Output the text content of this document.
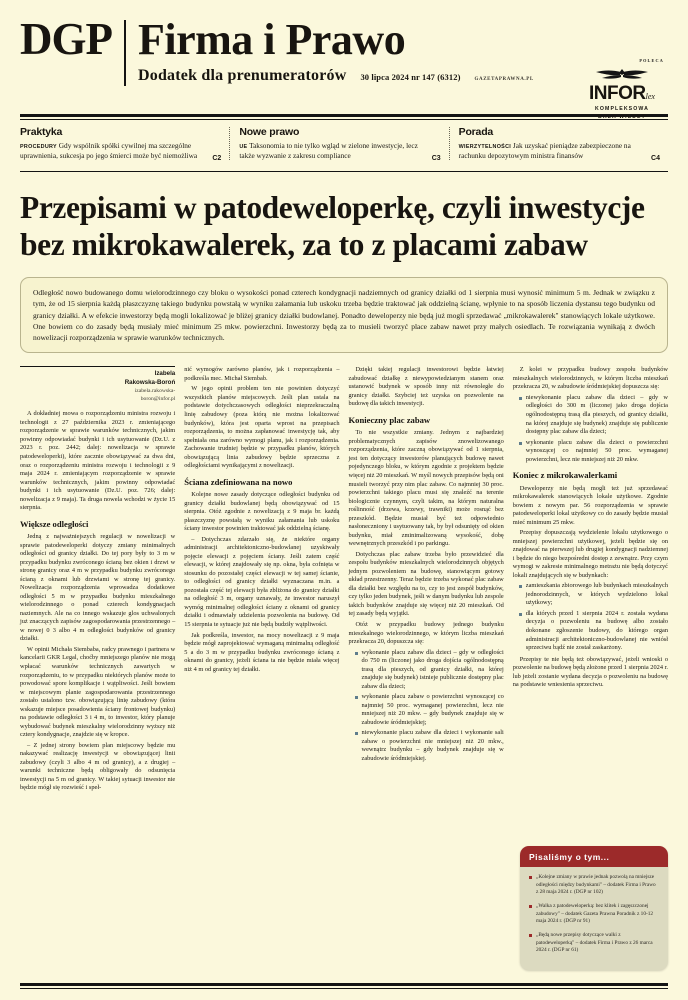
DGP Firma i Prawo
Dodatek dla prenumeratorów 30 lipca 2024 nr 147 (6312)	GAZETAPRAWNA.PL
POLECA
INFORlex
KOMPLEKSOWA
BAZA WIEDZY
Praktyka

PROCEDURY Gdy wspólnik spółki cywilnej ma szczególne uprawnienia, sukcesja po jego śmierci może być niemożliwa	C2
Nowe prawo

UE Taksonomia to nie tylko wgląd w zielone inwestycje, lecz także wyzwanie z zakresu compliance	C3
Porada

WIERZYTELNOŚCI Jak uzyskać pieniądze zabezpieczone na rachunku depozytowym ministra finansów	C4
Przepisami w patodeweloperkę, czyli inwestycje bez mikrokawalerek, za to z placami zabaw
Odległość nowo budowanego domu wielorodzinnego czy bloku o wysokości ponad czterech kondygnacji nadziemnych od granicy działki od 1 sierpnia musi wynosić minimum 5 m. Jednak w związku z tym, że od 15 sierpnia każdą płaszczyznę takiego budynku powstałą w wyniku załamania lub uskoku trzeba będzie traktować jak oddzielną ścianę, wpłynie to na sposób liczenia dystansu tego budynku od granicy działki. A w efekcie inwestorzy będą mogli lokalizować je bliżej granicy działki budowlanej. Ponadto deweloperzy nie będą już mogli sprzedawać „mikrokawalerek" stanowiących lokale użytkowe. One bowiem co do zasady będą musiały mieć minimum 25 mkw. powierzchni. Inwestorzy będą za to musieli tworzyć place zabaw nawet przy małych osiedlach. Te rozwiązania wynikają z dwóch nowelizacji rozporządzenia w sprawie warunków technicznych.
Izabela
Rakowska-Boroń
izabela.rakowska-
boron@infor.pl

A dokładniej mowa o rozporządzeniu ministra rozwoju i technologii z 27 października 2023 r. zmieniającego rozporządzenie w sprawie warunków technicznych, jakim powinny odpowiadać budynki i ich usytuowanie (Dz.U. z 2023 r. poz. 2442; dalej: nowelizacja w sprawie patodeweloperki), które zacznie obowiązywać za dwa dni, oraz o rozporządzeniu ministra rozwoju i technologii z 9 maja 2024 r. zmieniającym rozporządzenie w sprawie warunków technicznych, jakim powinny odpowiadać budynki i ich usytuowanie (Dz.U. poz. 726; dalej: nowelizacja z 9 maja). Ta druga nowela wchodzi w życie 15 sierpnia.

Większe odległości

Jedną z najważniejszych regulacji w nowelizacji w sprawie patodeweloperki dotyczy zmiany minimalnych odległości od granicy działki. Do tej pory były to 3 m w przypadku budynku zwróconego ścianą bez okien i drzwi w stronę granicy oraz 4 m w przypadku budynku zwróconego ścianą z oknami lub drzwiami w stronę tej granicy. Nowelizacja rozporządzenia wprowadza dodatkowe odległości 5 m w przypadku budynku mieszkalnego wielorodzinnego o ponad czterech kondygnacjach naziemnych. Ale na co innego wskazuje glos uchwalonych już znaczących zapisów zagospodarowania przestrzennego – w nowej 0 3 albo 4 m odległości budynków od granicy działki.

W opinii Michała Siembaba, radcy prawnego i partnera w kancelarii GKR Legal, choćby mniejszego planów nie mogą wpłacać warunków technicznych zawartych w rozporządzeniu, to w przypadku niektórych planów może to powodować spore komplikacje i wątpliwości. Jeśli bowiem w miejscowym planie zagospodarowania przestrzennego zostało ustalono tzw. obowiązującą linię zabudowy (która wskazuje miejsce posadowienia ściany frontowej budynku) na podstawie odległości 3 i 4 m, to inwestor, który planuje wybudować budynek mieszkalny wielorodzinny wyższy niż cztery kondygnacje, znajdzie się w kropce.

– Z jednej strony bowiem plan miejscowy będzie mu nakazywać realizację inwestycji w obowiązującej linii zabudowy (czyli 3 albo 4 m od granicy), a z drugiej – warunki techniczne będą obligowały do odsunięcia inwestycji na 5 m od granicy. W takiej sytuacji inwestor nie będzie mógł się rozwieść i speł-

nić wymogów zarówno planów, jak i rozporządzenia – podkreśla mec. Michał Siembab.

W jego opinii problem ten nie powinien dotyczyć wszystkich planów miejscowych. Jeśli plan ustala na podstawie dotychczasowych odległości nieprzekraczalną linię zabudowy (poza którą nie można lokalizować budynków), która jest oparta wprost na przepisach rozporządzenia, to można zapłanować inwestycję tak, aby spełniała ona zarówno wymogi planu, jak i rozporządzenia. Zachowanie trudniej będzie w przypadku planów, których obowiązującą linia zabudowy będzie sprzeczna z odległościami wynikającymi z nowelizacji.

Ściana zdefiniowana na nowo

Kolejne nowe zasady dotyczące odległości budynku od granicy działki budowlanej będą obowiązywać od 15 sierpnia. Otóż zgodnie z nowelizacją z 9 maja br. każdą płaszczyznę powstałą w wyniku załamania lub uskoku ściany inwestor powinien traktować jak oddzielną ścianę.

– Dotychczas zdarzało się, że niektóre organy administracji architektoniczno-budowlanej uzyskiwały pojęcie elewacji z pojęciem ściany. Jeśli zatem część elewacji, w której znajdowały się np. okna, była cofnięta w stosunku do pozostałej części elewacji w tej samej ścianie, to odległości od granicy działki wyznaczana m.in. a pozostała część tej elewacji była zbliżona do granicy działki na odległość 3 m, organy uznawały, że inwestor naruszył wymóg minimalnej odległości ściany z oknami od granicy działki i odmawiały udzielenia pozwolenia na budowę. Od 15 sierpnia te sytuacje już nie będą budziły wątpliwości.

Jak podkreśla, inwestor, na mocy nowelizacji z 9 maja będzie mógł zaprojektować wymaganą minimalną odległość 5 a do 3 m w przypadku budynku zwróconego ścianą z oknami do granicy, jeżeli ściana ta nie będzie miała więcej niż 4 m od granicy tej działki.

Dzięki takiej regulacji inwestorowi będzie łatwiej zabudować działkę z niewypowiedzianym stanem oraz ustanowić budynek w sposób inny niż równoległe do granicy działki. Szybciej też uzyska on pozwolenie na budowę dla takich inwestycji.

Konieczny plac zabaw

To nie wszystkie zmiany. Jednym z najbardziej problematycznych zapisów znowelizowanego rozporządzenia, które zaczną obowiązywać od 1 sierpnia, jest ten dotyczący inwestorów planujących budowę nawet pojedynczego bloku, w którym zgodnie z projektem będzie więcej niż 20 mieszkań. W myśl nowych przepisów będą oni musieli tworzyć przy nim plac zabaw. Co najmniej 30 proc. powierzchni takiego placu musi się znaleźć na terenie biologicznie czynnym, czyli takim, na którym naturalna roślinność (drzewa, krzewy, trawniki) może rosnąć bez przeszkód. Będzie musiał być też odpowiednio nasłoneczniony i usytuowany tak, by był odsunięty od okien budynku, miał zminimalizowaną wysokość, dobę wewnętrznych przeszkód i po parkingu.

Dotychczas plac zabaw trzeba było przewidzieć dla zespołu budynków mieszkalnych wielorodzinnych objętych jednym pozwoleniem na budowę, stanowiącym gotowy układ przestrzenny. Teraz będzie trzeba wykonać plac zabaw dla działki bez względu na to, czy to jest zespół budynków, czy tylko jeden budynek, jeśli w danym budynku lub zespole takich budynków znajduje się więcej niż 20 mieszkań. Od tej zasady będą wyjątki.

Otóż w przypadku budowy jednego budynku mieszkalnego wielorodzinnego, w którym liczba mieszkań przekracza 20, dopuszcza się:

wykonanie placu zabaw dla dzieci – gdy w odległości do 750 m (liczonej jako droga dojścia ogólnodostępną trasą dla pieszych, od granicy działki, na której znajduje się budynek) istnieje publicznie dostępny plac zabaw dla dzieci;
wykonanie placu zabaw o powierzchni wynoszącej co najmniej 50 proc. wymaganej powierzchni, lecz nie mniejszej niż 20 mkw. – gdy budynek znajduje się w zabudowie śródmiejskiej;
niewykonanie placu zabaw dla dzieci i wykonanie sali zabaw o powierzchni nie mniejszej niż 20 mkw., wewnątrz budynku – gdy budynek znajduje się w zabudowie śródmiejskiej.

Z kolei w przypadku budowy zespołu budynków mieszkalnych wielorodzinnych, w którym liczba mieszkań przekracza 20, w zabudowie śródmiejskiej dopuszcza się:

niewykonanie placu zabaw dla dzieci – gdy w odległości do 300 m (liczonej jako droga dojścia ogólnodostępną trasą dla pieszych, od granicy działki, na której znajduje się budynek) znajduje się publicznie dostępny plac zabaw dla dzieci;
wykonanie placu zabaw dla dzieci o powierzchni wynoszącej co najmniej 50 proc. wymaganej powierzchni, lecz nie mniejszej niż 20 mkw.
Koniec z mikrokawalerkami

Deweloperzy nie będą mogli też już sprzedawać mikrokawalerek stanowiących lokale użytkowe. Zgodnie bowiem z nowym par. 56 rozporządzenia w sprawie patodeweloperki lokal użytkowy co do zasady będzie musiał mieć minimum 25 mkw.

Przepisy dopuszczają wydzielenie lokalu użytkowego o mniejszej powierzchni użytkowej, jeżeli będzie się on znajdować na pierwszej lub drugiej kondygnacji nadziemnej i będzie do niego bezpośredni dostęp z zewnątrz. Przy czym wymogi w zakresie minimalnego metrażu nie będą dotyczyć lokali znajdujących się w budynkach:

zamieszkania zbiorowego lub budynkach mieszkalnych jednorodzinnych, w których wydzielono lokal użytkowy;
dla których przed 1 sierpnia 2024 r. została wydana decyzja o pozwoleniu na budowę albo zostało dokonane zgłoszenie budowy, do którego organ administracji architektoniczno-budowlanej nie wniósł sprzeciwu bądź nie został zaskarżony.

Przepisy te nie będą też obowiązywać, jeżeli wnioski o pozwolenie na budowę będą złożone przed 1 sierpnia 2024 r. lub jeżeli zostanie wydana decyzja o pozwoleniu na budowę na podstawie wniesienia sprzeciwu.

Pisaliśmy o tym...
„Kolejne zmiany w prawie jednak pozwolą na mniejsze odległości między budynkami" – dodatek Firma i Prawo z 28 maja 2024 r. (DGP nr 102)
„Walka z patodeweloperką: bez klitek i zagęszczonej zabudowy" – dodatek Gazeta Prawna Poradnik z 10-12 maja 2024 r. (DGP nr 91)
„Będą nowe przepisy dotyczące walki z patodeweloperką" – dodatek Firma i Prawo z 26 marca 2024 r. (DGP nr 61)
